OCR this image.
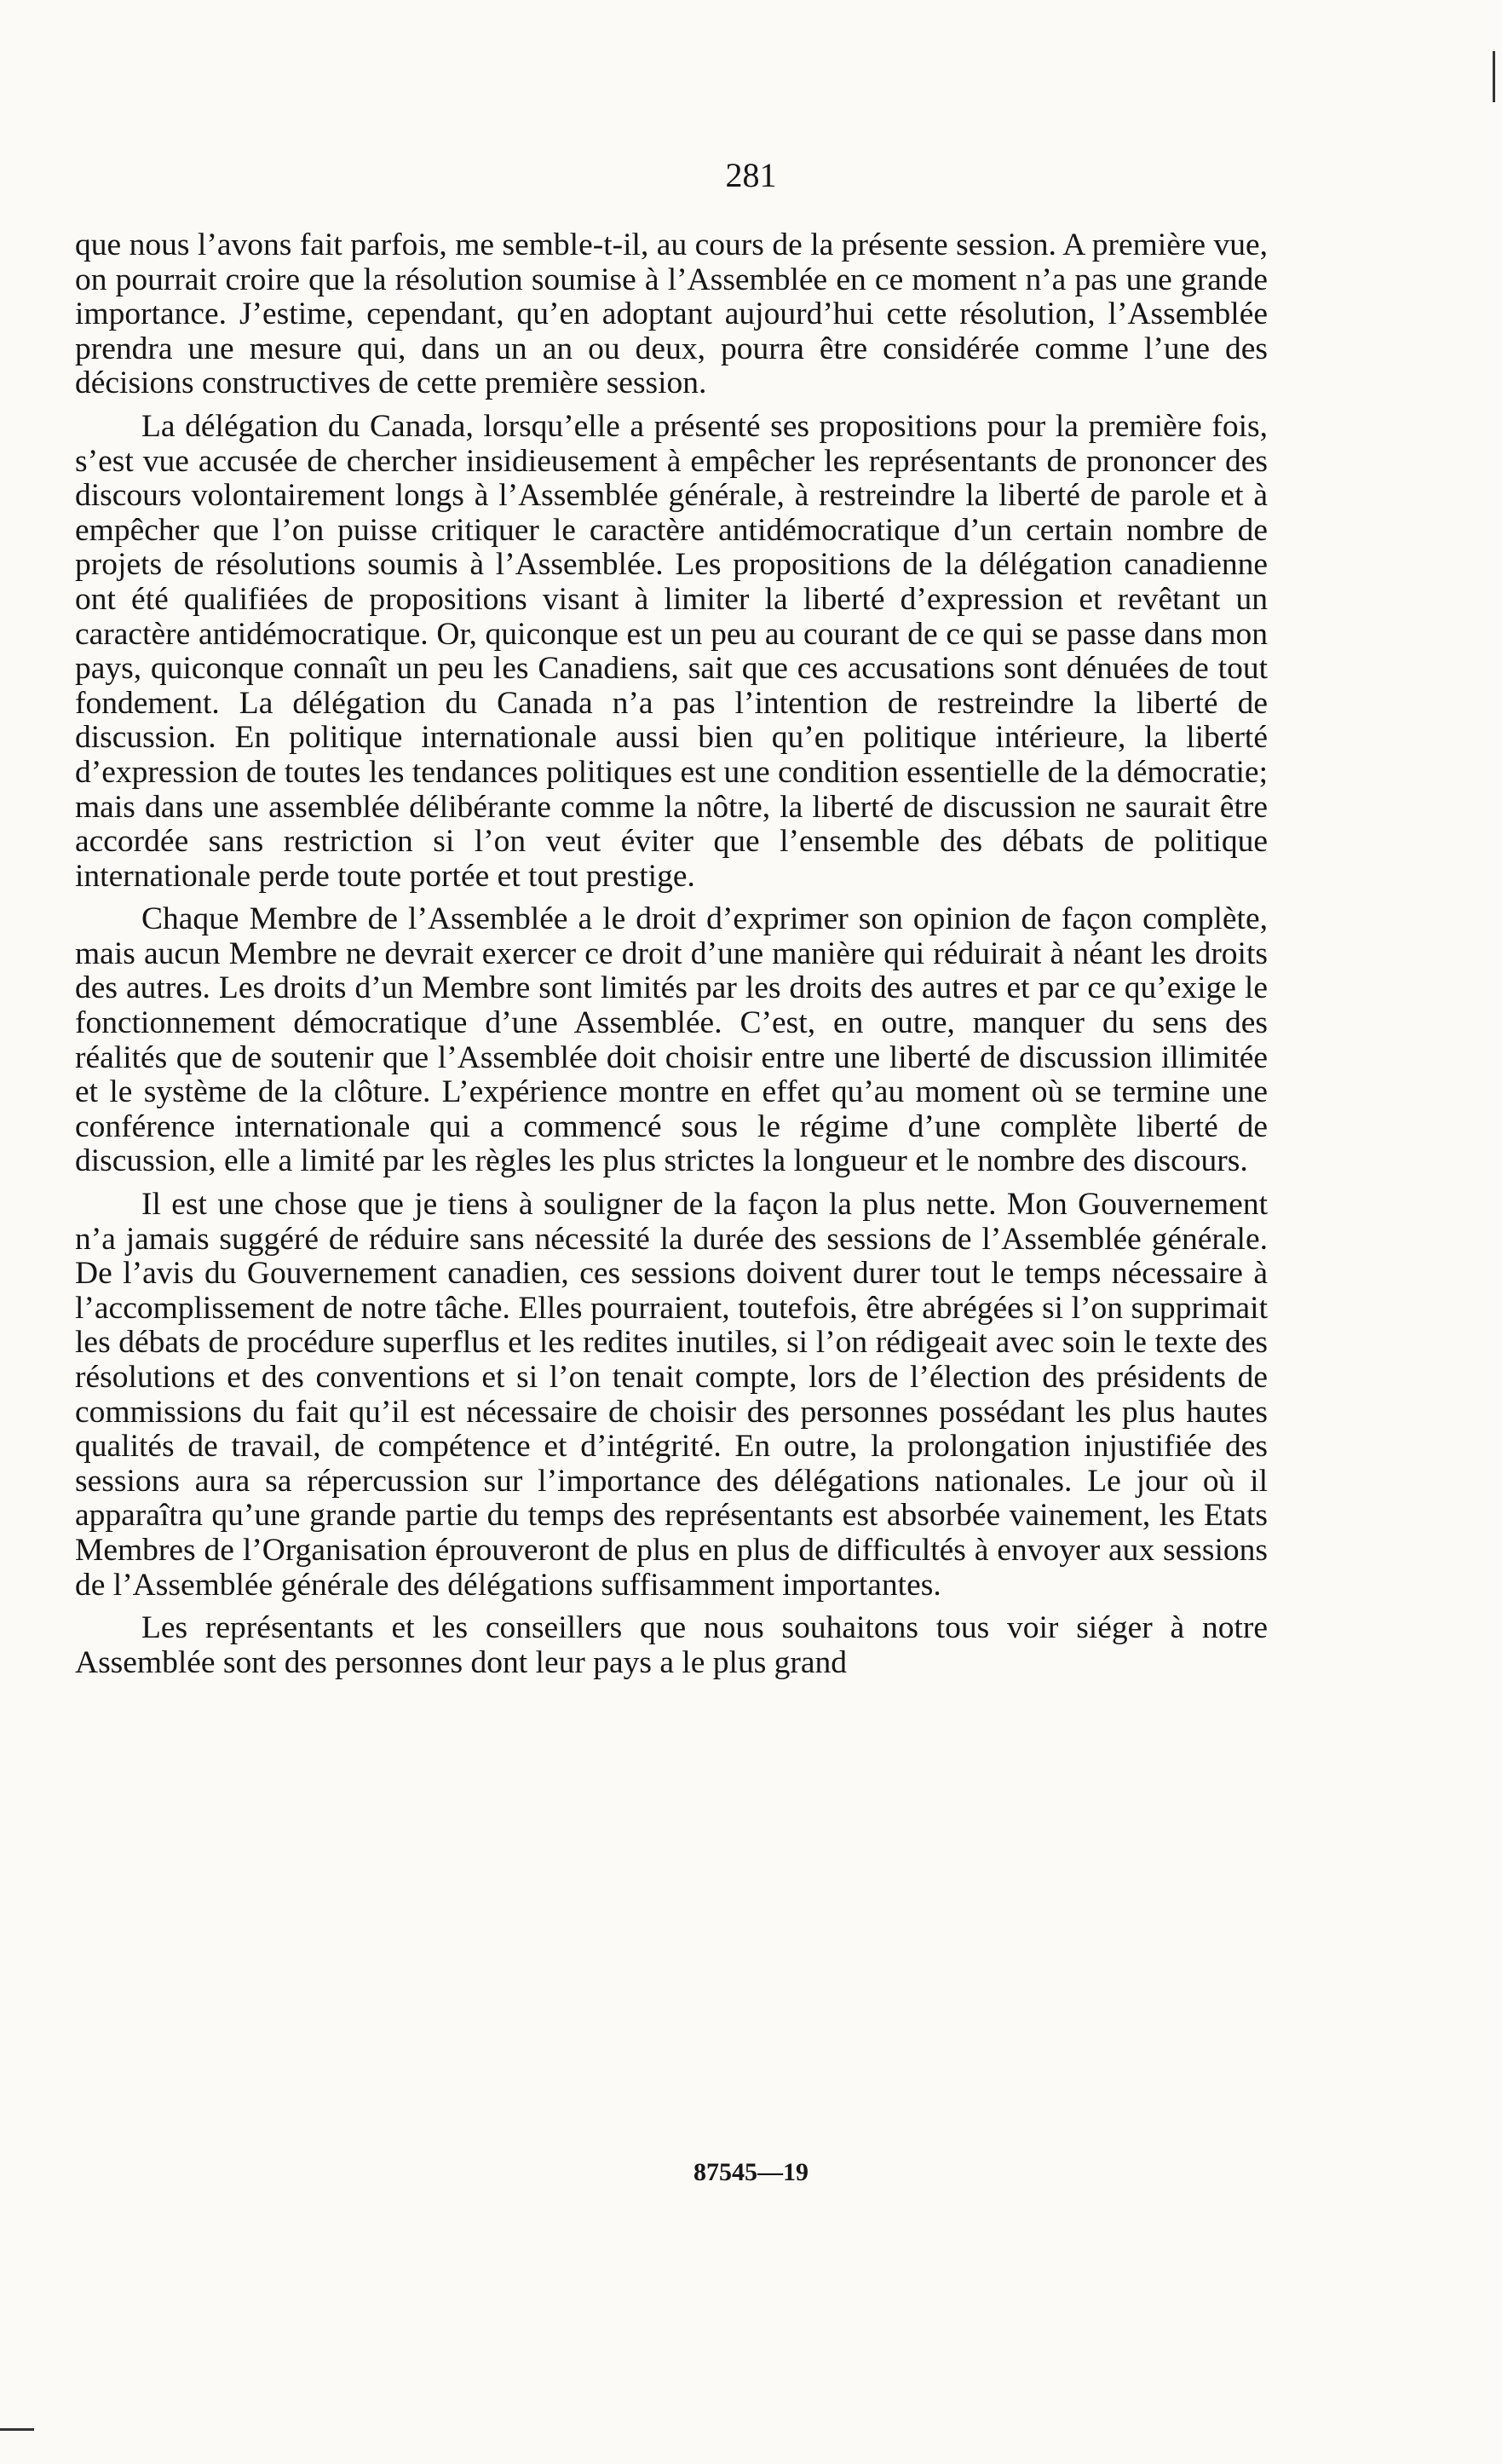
281

que nous l’avons fait parfois, me semble-t-il, au cours de la présente session. A première vue, on pourrait croire que la résolution soumise à l’Assemblée en ce moment n’a pas une grande importance. J’estime, cependant, qu’en adoptant aujourd’hui cette résolution, l’Assemblée prendra une mesure qui, dans un an ou deux, pourra être considérée comme l’une des décisions constructives de cette première session.

La délégation du Canada, lorsqu’elle a présenté ses propositions pour la première fois, s’est vue accusée de chercher insidieusement à empêcher les représentants de prononcer des discours volontairement longs à l’Assemblée générale, à restreindre la liberté de parole et à empêcher que l’on puisse critiquer le caractère antidémocratique d’un certain nombre de projets de résolutions soumis à l’Assemblée. Les propositions de la délégation canadienne ont été qualifiées de propositions visant à limiter la liberté d’expression et revêtant un caractère antidémocratique. Or, quiconque est un peu au courant de ce qui se passe dans mon pays, quiconque connaît un peu les Canadiens, sait que ces accusations sont dénuées de tout fondement. La délégation du Canada n’a pas l’intention de restreindre la liberté de discussion. En politique internationale aussi bien qu’en politique intérieure, la liberté d’expression de toutes les tendances politiques est une condition essentielle de la démocratie; mais dans une assemblée délibérante comme la nôtre, la liberté de discussion ne saurait être accordée sans restriction si l’on veut éviter que l’ensemble des débats de politique internationale perde toute portée et tout prestige.

Chaque Membre de l’Assemblée a le droit d’exprimer son opinion de façon complète, mais aucun Membre ne devrait exercer ce droit d’une manière qui réduirait à néant les droits des autres. Les droits d’un Membre sont limités par les droits des autres et par ce qu’exige le fonctionnement démocratique d’une Assemblée. C’est, en outre, manquer du sens des réalités que de soutenir que l’Assemblée doit choisir entre une liberté de discussion illimitée et le système de la clôture. L’expérience montre en effet qu’au moment où se termine une conférence internationale qui a commencé sous le régime d’une complète liberté de discussion, elle a limité par les règles les plus strictes la longueur et le nombre des discours.

Il est une chose que je tiens à souligner de la façon la plus nette. Mon Gouvernement n’a jamais suggéré de réduire sans nécessité la durée des sessions de l’Assemblée générale. De l’avis du Gouvernement canadien, ces sessions doivent durer tout le temps nécessaire à l’accomplissement de notre tâche. Elles pourraient, toutefois, être abrégées si l’on supprimait les débats de procédure superflus et les redites inutiles, si l’on rédigeait avec soin le texte des résolutions et des conventions et si l’on tenait compte, lors de l’élection des présidents de commissions du fait qu’il est nécessaire de choisir des personnes possédant les plus hautes qualités de travail, de compétence et d’intégrité. En outre, la prolongation injustifiée des sessions aura sa répercussion sur l’importance des délégations nationales. Le jour où il apparaîtra qu’une grande partie du temps des représentants est absorbée vainement, les Etats Membres de l’Organisation éprouveront de plus en plus de difficultés à envoyer aux sessions de l’Assemblée générale des délégations suffisamment importantes.

Les représentants et les conseillers que nous souhaitons tous voir siéger à notre Assemblée sont des personnes dont leur pays a le plus grand

87545—19
